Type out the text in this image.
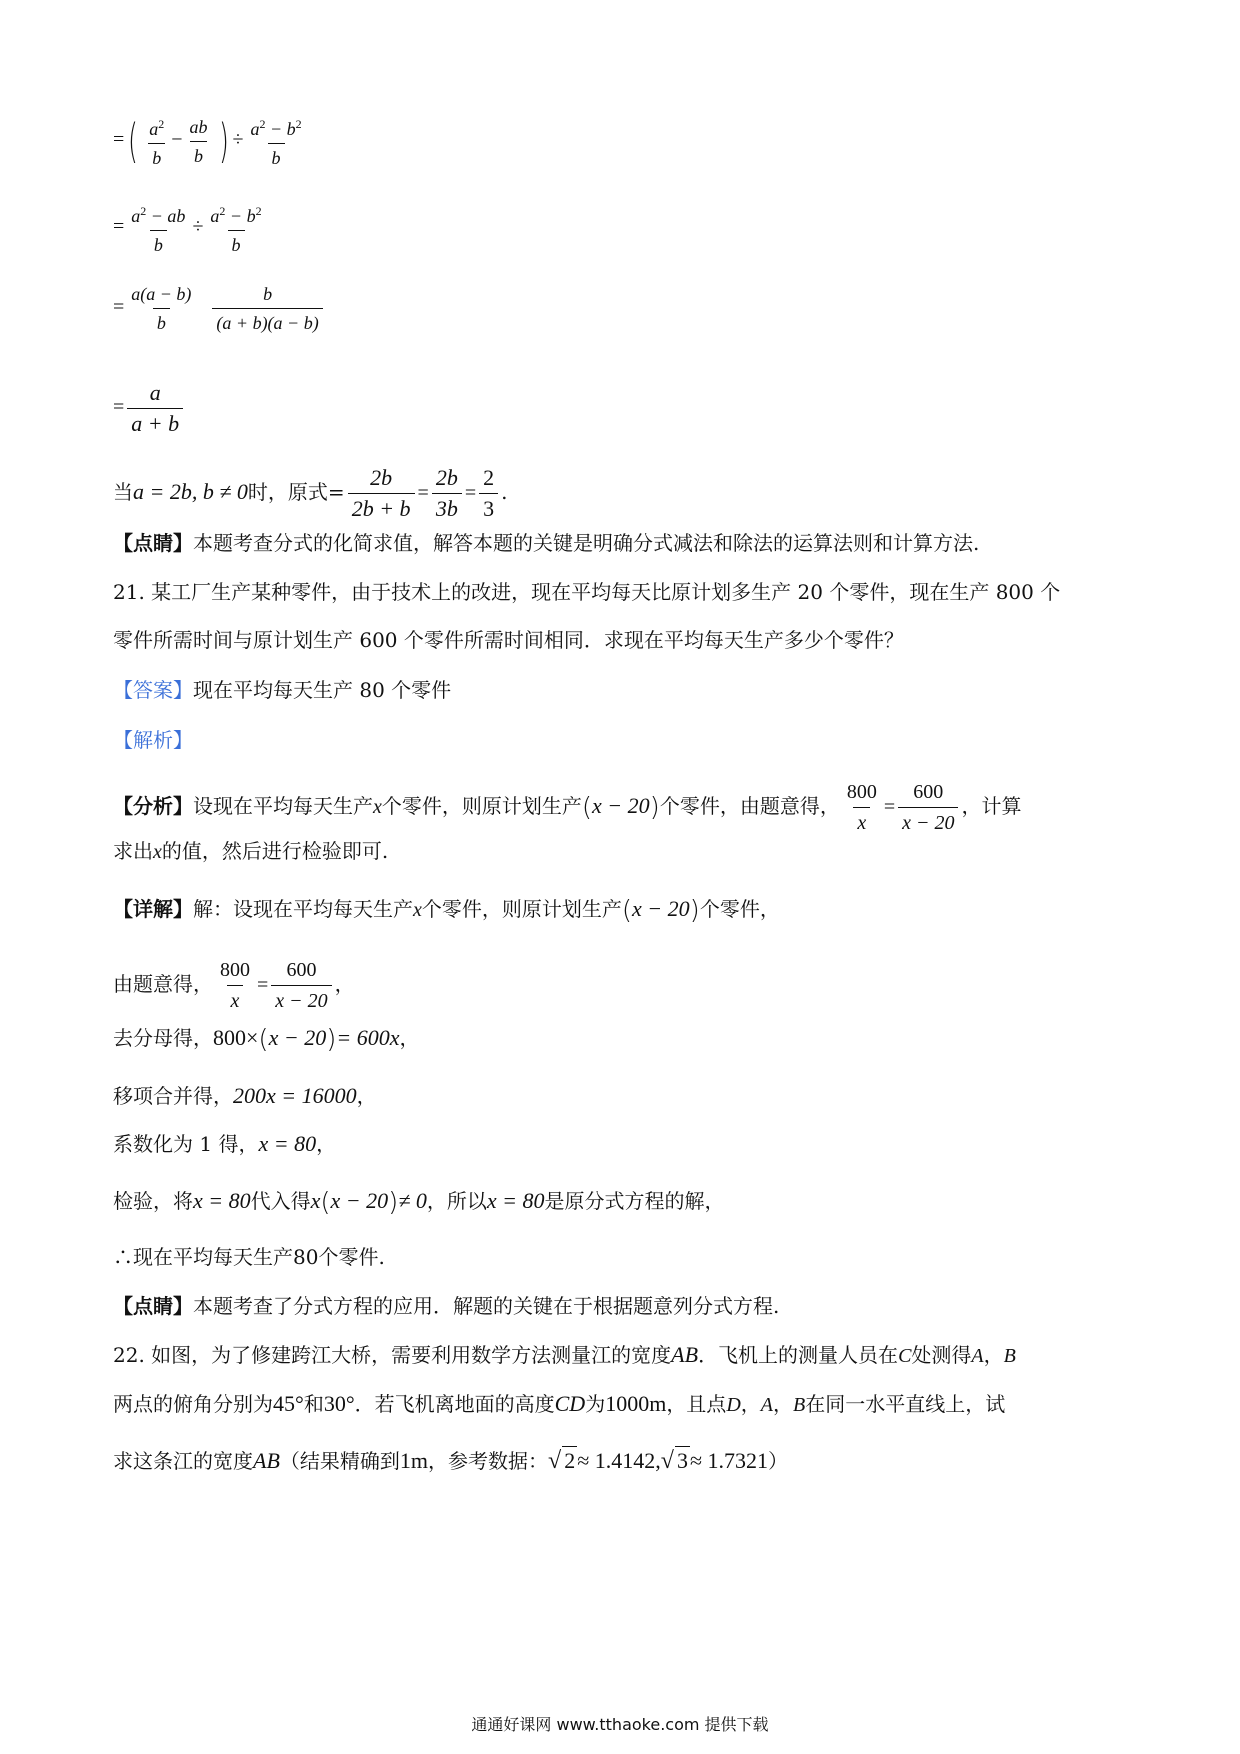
=( $\frac{a^2}{b} - \frac{ab}{b}$ ) ÷ $\frac{a^2 - b^2}{b}$
= $\frac{a^2 - ab}{b} \div \frac{a^2 - b^2}{b}$
= $\frac{a(a - b)}{b} \frac{b}{(a + b)(a - b)}$
= $\frac{a}{a + b}$
当a = 2b, b ≠ 0时，原式= $\frac{2b}{2b + b} = \frac{2b}{3b} = \frac{2}{3}$ .
【点睛】本题考查分式的化简求值，解答本题的关键是明确分式减法和除法的运算法则和计算方法.
21. 某工厂生产某种零件，由于技术上的改进，现在平均每天比原计划多生产 20 个零件，现在生产 800 个
零件所需时间与原计划生产 600 个零件所需时间相同．求现在平均每天生产多少个零件？
【答案】现在平均每天生产 80 个零件
【解析】
【分析】设现在平均每天生产x个零件，则原计划生产(x − 20)个零件，由题意得， $\frac{800}{x} = \frac{600}{x - 20}$ ，计算
求出x的值，然后进行检验即可.
【详解】解：设现在平均每天生产x个零件，则原计划生产(x − 20)个零件，
由题意得， $\frac{800}{x} = \frac{600}{x - 20}$ ，
去分母得，800×(x − 20)= 600x，
移项合并得，200x = 16000，
系数化为 1 得，x = 80，
检验，将x = 80代入得x(x − 20)≠ 0，所以x = 80是原分式方程的解，
∴现在平均每天生产80个零件.
【点睛】本题考查了分式方程的应用．解题的关键在于根据题意列分式方程.
22. 如图，为了修建跨江大桥，需要利用数学方法测量江的宽度AB．飞机上的测量人员在C处测得A，B
两点的俯角分别为45°和30°．若飞机离地面的高度CD为1000m，且点D，A，B在同一水平直线上，试
求这条江的宽度AB（结果精确到1m，参考数据：√ 2≈ 1.4142,√ 3≈ 1.7321）
通通好课网 www.tthaoke.com 提供下载
